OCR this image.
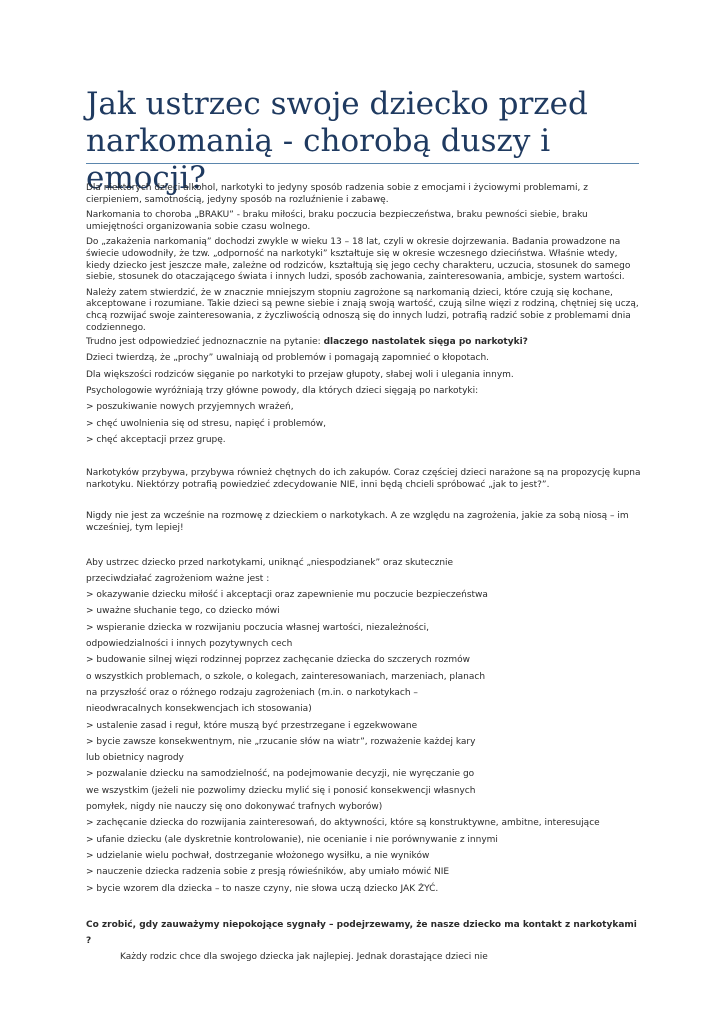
Jak ustrzec swoje dziecko przed
narkomanią - chorobą duszy i emocji?

Dla niektórych dzieci alkohol, narkotyki to jedyny sposób radzenia sobie z emocjami i życiowymi problemami, z cierpieniem, samotnością, jedyny sposób na rozluźnienie i zabawę.

Narkomania to choroba „BRAKU” - braku miłości, braku poczucia bezpieczeństwa, braku pewności siebie, braku umiejętności organizowania sobie czasu wolnego.

Do „zakażenia narkomanią” dochodzi zwykle w wieku 13 – 18 lat, czyli w okresie dojrzewania. Badania prowadzone na świecie udowodniły, że tzw. „odporność na narkotyki” kształtuje się w okresie wczesnego dzieciństwa. Właśnie wtedy, kiedy dziecko jest jeszcze małe, zależne od rodziców, kształtują się jego cechy charakteru, uczucia, stosunek do samego siebie, stosunek do otaczającego świata i innych ludzi, sposób zachowania, zainteresowania, ambicje, system wartości.

Należy zatem stwierdzić, że w znacznie mniejszym stopniu zagrożone są narkomanią dzieci, które czują się kochane, akceptowane i rozumiane. Takie dzieci są pewne siebie i znają swoją wartość, czują silne więzi z rodziną, chętniej się uczą, chcą rozwijać swoje zainteresowania, z życzliwością odnoszą się do innych ludzi, potrafią radzić sobie z problemami dnia codziennego.

Trudno jest odpowiedzieć jednoznacznie na pytanie: dlaczego nastolatek sięga po narkotyki?

Dzieci twierdzą, że „prochy” uwalniają od problemów i pomagają zapomnieć o kłopotach.

Dla większości rodziców sięganie po narkotyki to przejaw głupoty, słabej woli i ulegania innym.

Psychologowie wyróżniają trzy główne powody, dla których dzieci sięgają po narkotyki:

> poszukiwanie nowych przyjemnych wrażeń,

> chęć uwolnienia się od stresu, napięć i problemów,

> chęć akceptacji przez grupę.

Narkotyków przybywa, przybywa również chętnych do ich zakupów. Coraz częściej dzieci narażone są na propozycję kupna narkotyku. Niektórzy potrafią powiedzieć zdecydowanie NIE, inni będą chcieli spróbować „jak to jest?”.

Nigdy nie jest za wcześnie na rozmowę z dzieckiem o narkotykach. A ze względu na zagrożenia, jakie za sobą niosą – im wcześniej, tym lepiej!

Aby ustrzec dziecko przed narkotykami, uniknąć „niespodzianek” oraz skutecznie

przeciwdziałać zagrożeniom ważne jest :

> okazywanie dziecku miłość i akceptacji oraz zapewnienie mu poczucie bezpieczeństwa

> uważne słuchanie tego, co dziecko mówi

> wspieranie dziecka w rozwijaniu poczucia własnej wartości, niezależności,

odpowiedzialności i innych pozytywnych cech

> budowanie silnej więzi rodzinnej poprzez zachęcanie dziecka do szczerych rozmów

o wszystkich problemach, o szkole, o kolegach, zainteresowaniach, marzeniach, planach

na przyszłość oraz o różnego rodzaju zagrożeniach (m.in. o narkotykach –

nieodwracalnych konsekwencjach ich stosowania)

> ustalenie zasad i reguł, które muszą być przestrzegane i egzekwowane

> bycie zawsze konsekwentnym, nie „rzucanie słów na wiatr”, rozważenie każdej kary

lub obietnicy nagrody

> pozwalanie dziecku na samodzielność, na podejmowanie decyzji, nie wyręczanie go

we wszystkim (jeżeli nie pozwolimy dziecku mylić się i ponosić konsekwencji własnych

pomyłek, nigdy nie nauczy się ono dokonywać trafnych wyborów)

> zachęcanie dziecka do rozwijania zainteresowań, do aktywności, które są konstruktywne, ambitne, interesujące

> ufanie dziecku (ale dyskretnie kontrolowanie), nie ocenianie i nie porównywanie z innymi

> udzielanie wielu pochwał, dostrzeganie włożonego wysiłku, a nie wyników

> nauczenie dziecka radzenia sobie z presją rówieśników, aby umiało mówić NIE

> bycie wzorem dla dziecka – to nasze czyny, nie słowa uczą dziecko JAK ŻYĆ.

Co zrobić, gdy zauważymy niepokojące sygnały – podejrzewamy, że nasze dziecko ma kontakt z narkotykami ?

Każdy rodzic chce dla swojego dziecka jak najlepiej. Jednak dorastające dzieci nie
